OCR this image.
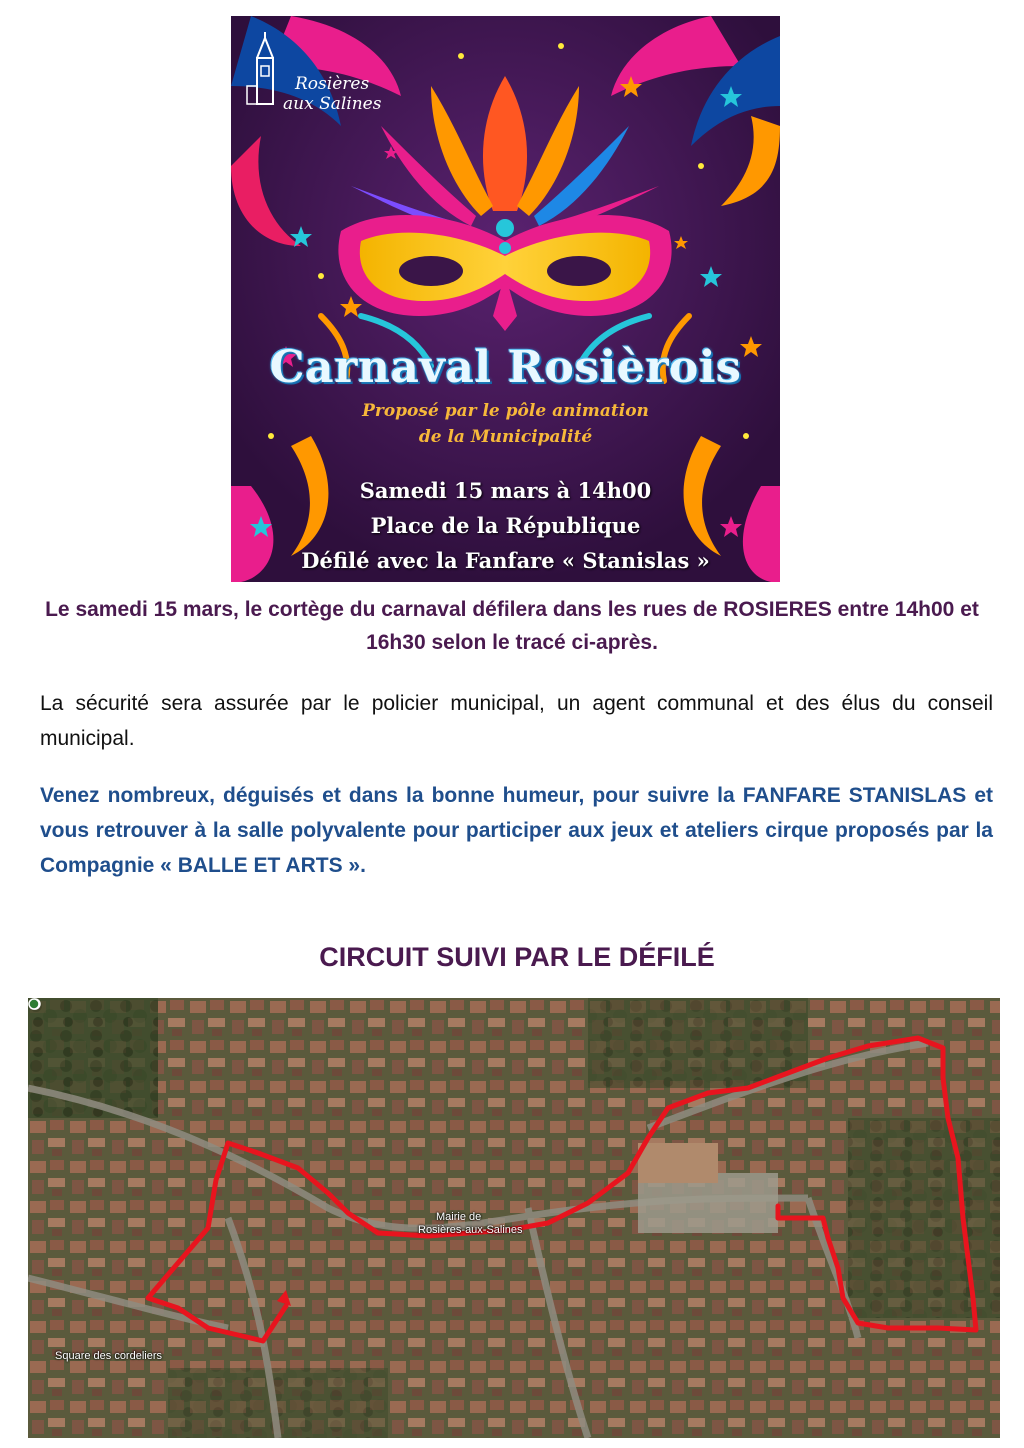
Rosières
aux Salines
Carnaval Rosièrois
Proposé par le pôle animation
de la Municipalité
Samedi 15 mars à 14h00
Place de la République
Défilé avec la Fanfare « Stanislas »
Le samedi 15 mars, le cortège du carnaval défilera dans les rues de ROSIERES entre 14h00 et 16h30 selon le tracé ci-après.
La sécurité sera assurée par le policier municipal, un agent communal et des élus du conseil municipal.
Venez nombreux, déguisés et dans la bonne humeur, pour suivre la FANFARE STANISLAS et vous retrouver à la salle polyvalente pour participer aux jeux et ateliers cirque proposés par la Compagnie « BALLE ET ARTS ».
CIRCUIT SUIVI PAR LE DÉFILÉ
Mairie de
Rosières-aux-Salines
Square des cordeliers
